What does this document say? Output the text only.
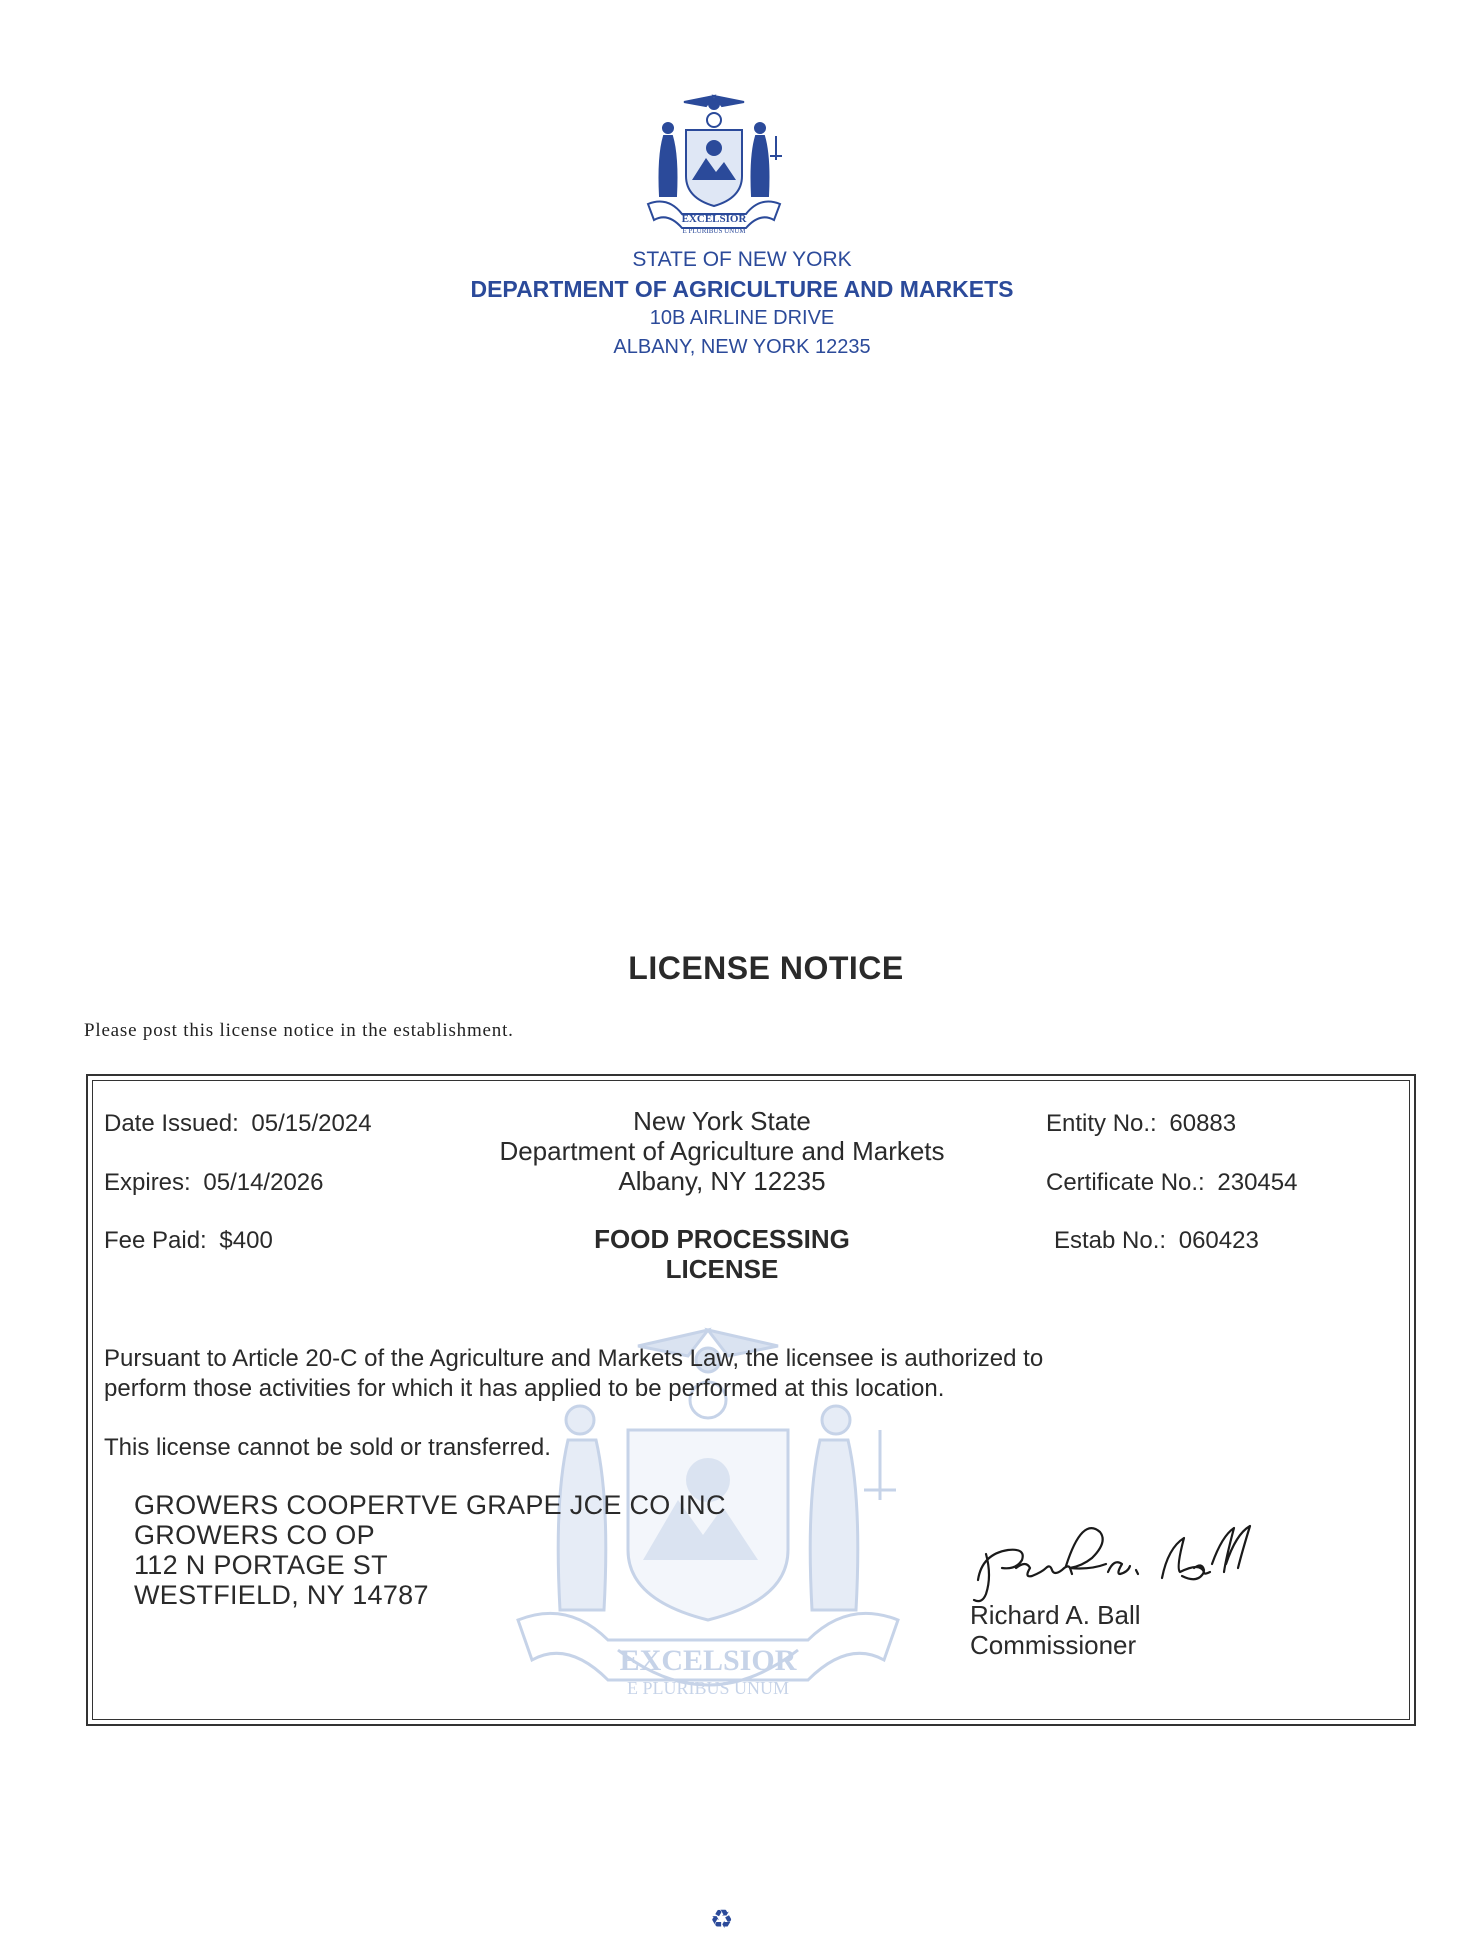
EXCELSIOR
E PLURIBUS UNUM
STATE OF NEW YORK
DEPARTMENT OF AGRICULTURE AND MARKETS
10B AIRLINE DRIVE
ALBANY, NEW YORK 12235
LICENSE NOTICE
Please post this license notice in the establishment.
EXCELSIOR
E PLURIBUS UNUM
Date Issued: 05/15/2024
Expires: 05/14/2026
Fee Paid: $400
New York State
Department of Agriculture and Markets
Albany, NY 12235
FOOD PROCESSING
LICENSE
Entity No.: 60883
Certificate No.: 230454
Estab No.: 060423
Pursuant to Article 20-C of the Agriculture and Markets Law, the licensee is authorized to
perform those activities for which it has applied to be performed at this location.
This license cannot be sold or transferred.
GROWERS COOPERTVE GRAPE JCE CO INC
GROWERS CO OP
112 N PORTAGE ST
WESTFIELD, NY 14787
Richard A. Ball
Commissioner
♻
